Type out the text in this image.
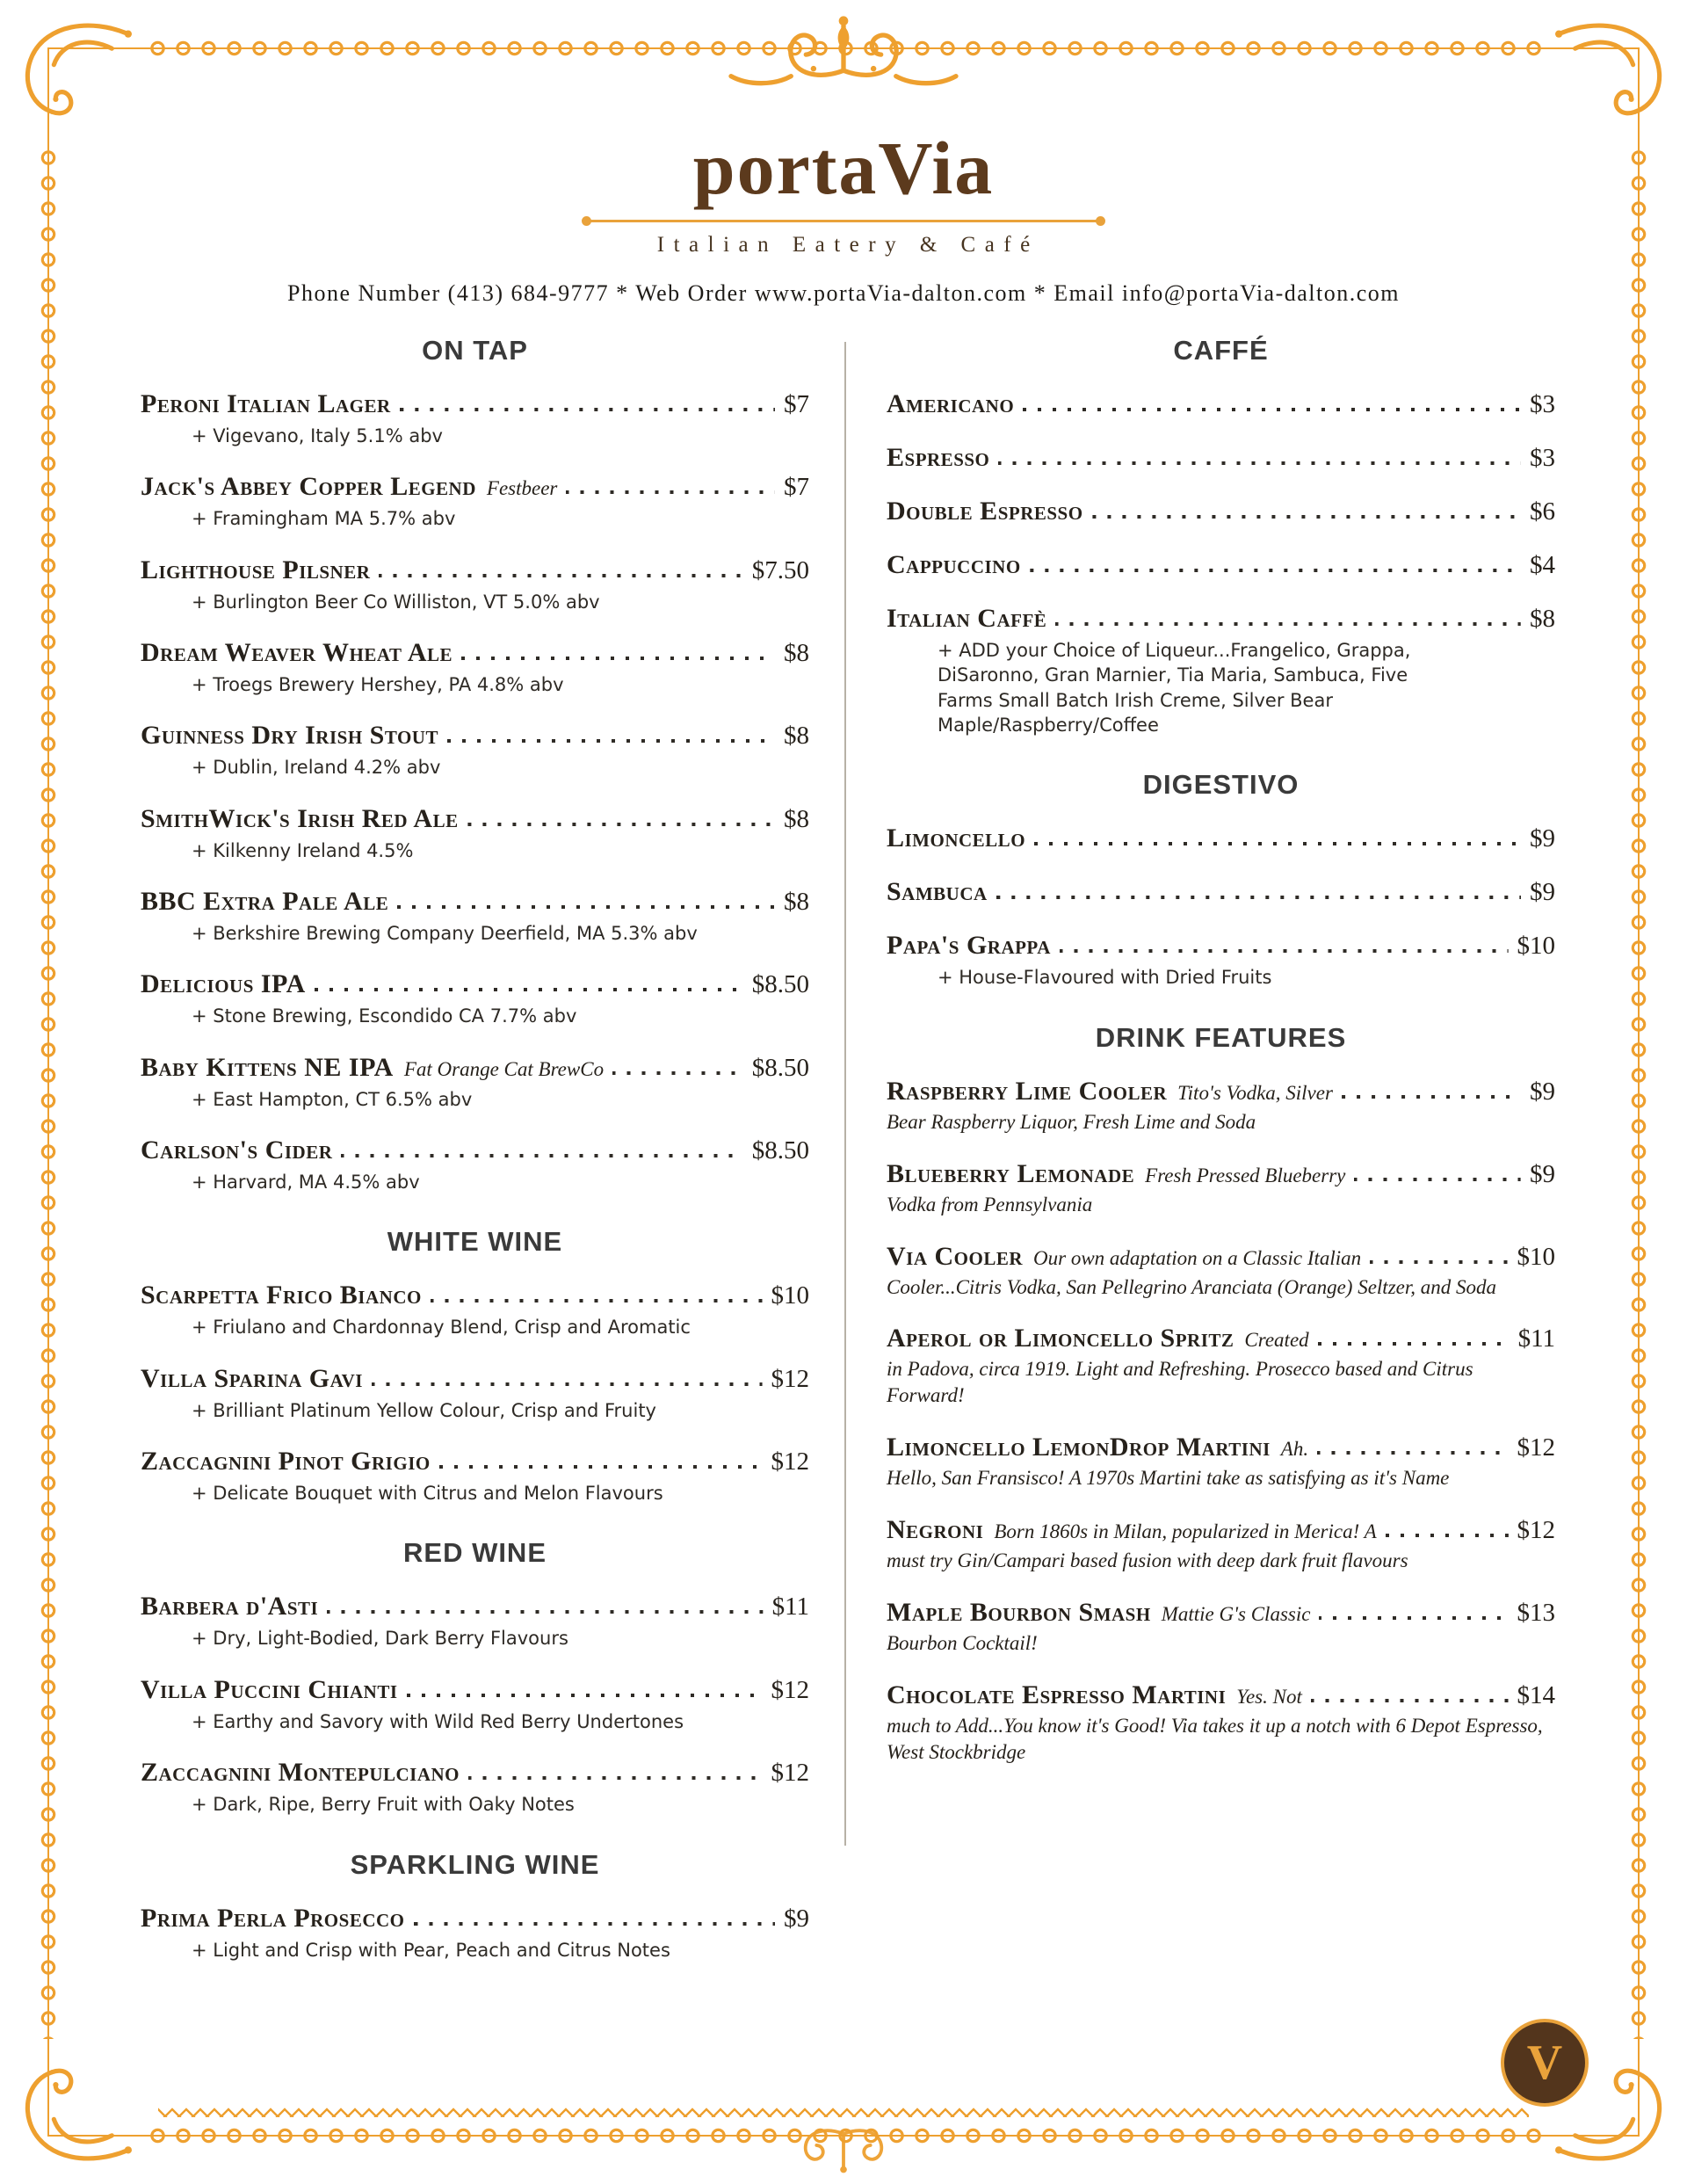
portaVia
Italian Eatery & Café
Phone Number (413) 684-9777 * Web Order www.portaVia-dalton.com * Email info@portaVia-dalton.com
ON TAP
Peroni Italian Lager	$7
+ Vigevano, Italy 5.1% abv
Jack's Abbey Copper Legend Festbeer	$7
+ Framingham MA 5.7% abv
Lighthouse Pilsner	$7.50
+ Burlington Beer Co Williston, VT 5.0% abv
Dream Weaver Wheat Ale	$8
+ Troegs Brewery Hershey, PA 4.8% abv
Guinness Dry Irish Stout	$8
+ Dublin, Ireland 4.2% abv
SmithWick's Irish Red Ale	$8
+ Kilkenny Ireland 4.5%
BBC Extra Pale Ale	$8
+ Berkshire Brewing Company Deerfield, MA 5.3% abv
Delicious IPA	$8.50
+ Stone Brewing, Escondido CA 7.7% abv
Baby Kittens NE IPA Fat Orange Cat BrewCo	$8.50
+ East Hampton, CT 6.5% abv
Carlson's Cider	$8.50
+ Harvard, MA 4.5% abv
WHITE WINE
Scarpetta Frico Bianco	$10
+ Friulano and Chardonnay Blend, Crisp and Aromatic
Villa Sparina Gavi	$12
+ Brilliant Platinum Yellow Colour, Crisp and Fruity
Zaccagnini Pinot Grigio	$12
+ Delicate Bouquet with Citrus and Melon Flavours
RED WINE
Barbera d'Asti	$11
+ Dry, Light-Bodied, Dark Berry Flavours
Villa Puccini Chianti	$12
+ Earthy and Savory with Wild Red Berry Undertones
Zaccagnini Montepulciano	$12
+ Dark, Ripe, Berry Fruit with Oaky Notes
SPARKLING WINE
Prima Perla Prosecco	$9
+ Light and Crisp with Pear, Peach and Citrus Notes
CAFFÉ
Americano	$3
Espresso	$3
Double Espresso	$6
Cappuccino	$4
Italian Caffè	$8
+ ADD your Choice of Liqueur...Frangelico, Grappa, DiSaronno, Gran Marnier, Tia Maria, Sambuca, Five Farms Small Batch Irish Creme, Silver Bear Maple/Raspberry/Coffee
DIGESTIVO
Limoncello	$9
Sambuca	$9
Papa's Grappa	$10
+ House-Flavoured with Dried Fruits
DRINK FEATURES
Raspberry Lime Cooler Tito's Vodka, Silver	$9
Bear Raspberry Liquor, Fresh Lime and Soda
Blueberry Lemonade Fresh Pressed Blueberry	$9
Vodka from Pennsylvania
Via Cooler Our own adaptation on a Classic Italian	$10
Cooler...Citris Vodka, San Pellegrino Aranciata (Orange) Seltzer, and Soda
Aperol or Limoncello Spritz Created	$11
in Padova, circa 1919. Light and Refreshing. Prosecco based and Citrus Forward!
Limoncello LemonDrop Martini Ah.	$12
Hello, San Fransisco! A 1970s Martini take as satisfying as it's Name
Negroni Born 1860s in Milan, popularized in Merica! A	$12
must try Gin/Campari based fusion with deep dark fruit flavours
Maple Bourbon Smash Mattie G's Classic	$13
Bourbon Cocktail!
Chocolate Espresso Martini Yes. Not	$14
much to Add...You know it's Good! Via takes it up a notch with 6 Depot Espresso, West Stockbridge
V
